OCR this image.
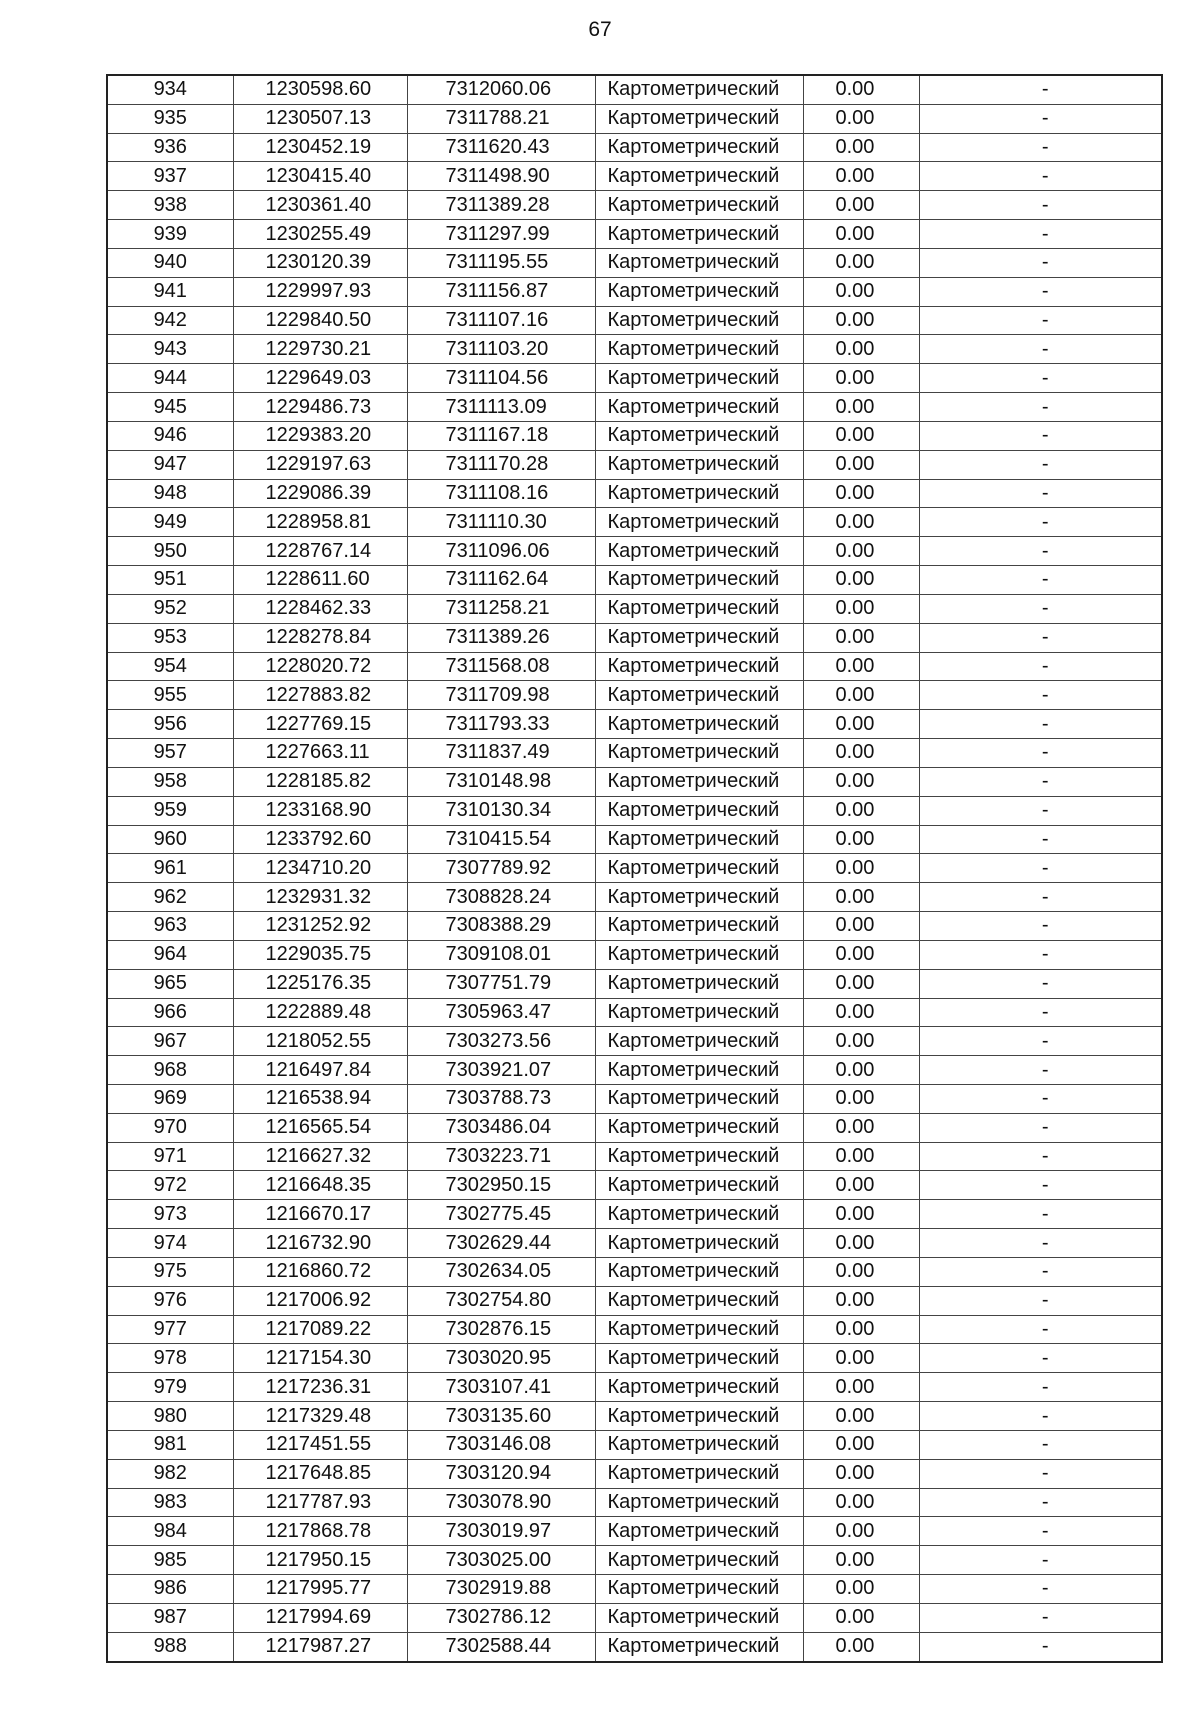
67
934	1230598.60	7312060.06	Картометрический	0.00	-
935	1230507.13	7311788.21	Картометрический	0.00	-
936	1230452.19	7311620.43	Картометрический	0.00	-
937	1230415.40	7311498.90	Картометрический	0.00	-
938	1230361.40	7311389.28	Картометрический	0.00	-
939	1230255.49	7311297.99	Картометрический	0.00	-
940	1230120.39	7311195.55	Картометрический	0.00	-
941	1229997.93	7311156.87	Картометрический	0.00	-
942	1229840.50	7311107.16	Картометрический	0.00	-
943	1229730.21	7311103.20	Картометрический	0.00	-
944	1229649.03	7311104.56	Картометрический	0.00	-
945	1229486.73	7311113.09	Картометрический	0.00	-
946	1229383.20	7311167.18	Картометрический	0.00	-
947	1229197.63	7311170.28	Картометрический	0.00	-
948	1229086.39	7311108.16	Картометрический	0.00	-
949	1228958.81	7311110.30	Картометрический	0.00	-
950	1228767.14	7311096.06	Картометрический	0.00	-
951	1228611.60	7311162.64	Картометрический	0.00	-
952	1228462.33	7311258.21	Картометрический	0.00	-
953	1228278.84	7311389.26	Картометрический	0.00	-
954	1228020.72	7311568.08	Картометрический	0.00	-
955	1227883.82	7311709.98	Картометрический	0.00	-
956	1227769.15	7311793.33	Картометрический	0.00	-
957	1227663.11	7311837.49	Картометрический	0.00	-
958	1228185.82	7310148.98	Картометрический	0.00	-
959	1233168.90	7310130.34	Картометрический	0.00	-
960	1233792.60	7310415.54	Картометрический	0.00	-
961	1234710.20	7307789.92	Картометрический	0.00	-
962	1232931.32	7308828.24	Картометрический	0.00	-
963	1231252.92	7308388.29	Картометрический	0.00	-
964	1229035.75	7309108.01	Картометрический	0.00	-
965	1225176.35	7307751.79	Картометрический	0.00	-
966	1222889.48	7305963.47	Картометрический	0.00	-
967	1218052.55	7303273.56	Картометрический	0.00	-
968	1216497.84	7303921.07	Картометрический	0.00	-
969	1216538.94	7303788.73	Картометрический	0.00	-
970	1216565.54	7303486.04	Картометрический	0.00	-
971	1216627.32	7303223.71	Картометрический	0.00	-
972	1216648.35	7302950.15	Картометрический	0.00	-
973	1216670.17	7302775.45	Картометрический	0.00	-
974	1216732.90	7302629.44	Картометрический	0.00	-
975	1216860.72	7302634.05	Картометрический	0.00	-
976	1217006.92	7302754.80	Картометрический	0.00	-
977	1217089.22	7302876.15	Картометрический	0.00	-
978	1217154.30	7303020.95	Картометрический	0.00	-
979	1217236.31	7303107.41	Картометрический	0.00	-
980	1217329.48	7303135.60	Картометрический	0.00	-
981	1217451.55	7303146.08	Картометрический	0.00	-
982	1217648.85	7303120.94	Картометрический	0.00	-
983	1217787.93	7303078.90	Картометрический	0.00	-
984	1217868.78	7303019.97	Картометрический	0.00	-
985	1217950.15	7303025.00	Картометрический	0.00	-
986	1217995.77	7302919.88	Картометрический	0.00	-
987	1217994.69	7302786.12	Картометрический	0.00	-
988	1217987.27	7302588.44	Картометрический	0.00	-
